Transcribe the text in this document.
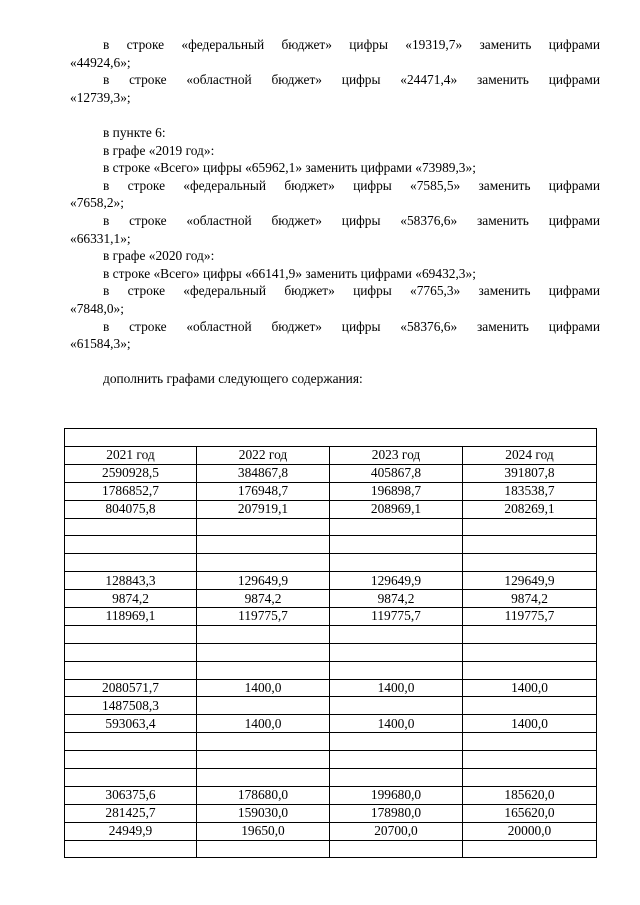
в строке «федеральный бюджет» цифры «19319,7» заменить цифрами
«44924,6»;
в строке «областной бюджет» цифры «24471,4» заменить цифрами
«12739,3»;
в пункте 6:
в графе «2019 год»:
в строке «Всего» цифры «65962,1» заменить цифрами «73989,3»;
в строке «федеральный бюджет» цифры «7585,5» заменить цифрами
«7658,2»;
в строке «областной бюджет» цифры «58376,6» заменить цифрами
«66331,1»;
в графе «2020 год»:
в строке «Всего» цифры «66141,9» заменить цифрами «69432,3»;
в строке «федеральный бюджет» цифры «7765,3» заменить цифрами
«7848,0»;
в строке «областной бюджет» цифры «58376,6» заменить цифрами
«61584,3»;
дополнить графами следующего содержания:

2021 год	2022 год	2023 год	2024 год
2590928,5	384867,8	405867,8	391807,8
1786852,7	176948,7	196898,7	183538,7
804075,8	207919,1	208969,1	208269,1

128843,3	129649,9	129649,9	129649,9
9874,2	9874,2	9874,2	9874,2
118969,1	119775,7	119775,7	119775,7

2080571,7	1400,0	1400,0	1400,0
1487508,3			
593063,4	1400,0	1400,0	1400,0

306375,6	178680,0	199680,0	185620,0
281425,7	159030,0	178980,0	165620,0
24949,9	19650,0	20700,0	20000,0
